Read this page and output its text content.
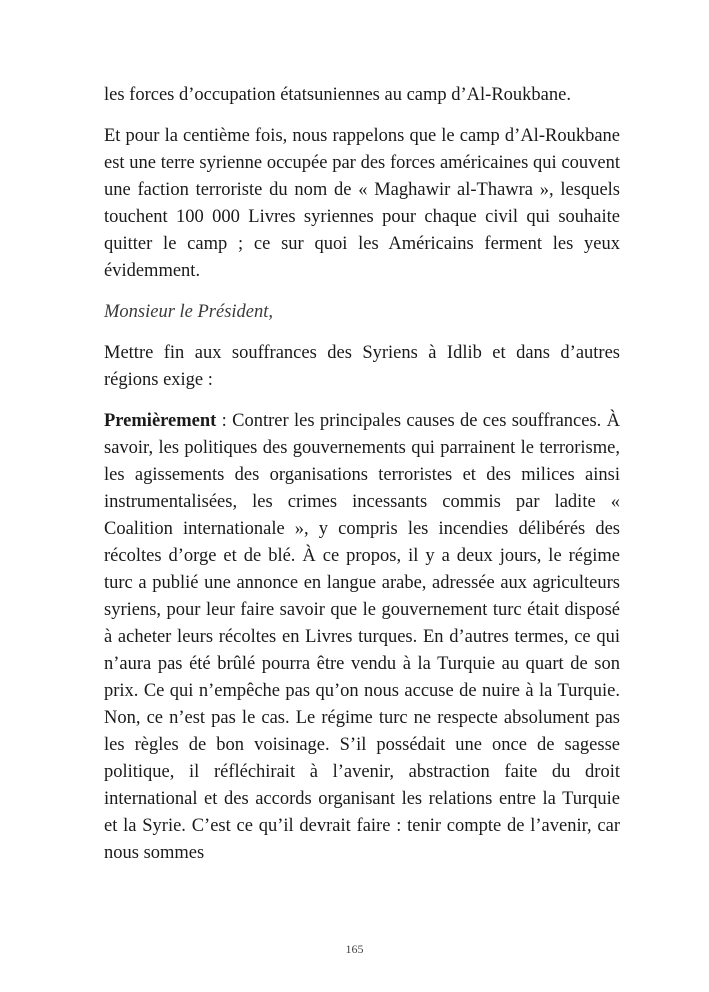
les forces d’occupation étatsuniennes au camp d’Al-Roukbane.

Et pour la centième fois, nous rappelons que le camp d’Al-Roukbane est une terre syrienne occupée par des forces américaines qui couvent une faction terroriste du nom de « Maghawir al-Thawra », lesquels touchent 100 000 Livres syriennes pour chaque civil qui souhaite quitter le camp ; ce sur quoi les Américains ferment les yeux évidemment.

Monsieur le Président,

Mettre fin aux souffrances des Syriens à Idlib et dans d’autres régions exige :

Premièrement : Contrer les principales causes de ces souffrances. À savoir, les politiques des gouvernements qui parrainent le terrorisme, les agissements des organisations terroristes et des milices ainsi instrumentalisées, les crimes incessants commis par ladite « Coalition internationale », y compris les incendies délibérés des récoltes d’orge et de blé. À ce propos, il y a deux jours, le régime turc a publié une annonce en langue arabe, adressée aux agriculteurs syriens, pour leur faire savoir que le gouvernement turc était disposé à acheter leurs récoltes en Livres turques. En d’autres termes, ce qui n’aura pas été brûlé pourra être vendu à la Turquie au quart de son prix. Ce qui n’empêche pas qu’on nous accuse de nuire à la Turquie. Non, ce n’est pas le cas. Le régime turc ne respecte absolument pas les règles de bon voisinage. S’il possédait une once de sagesse politique, il réfléchirait à l’avenir, abstraction faite du droit international et des accords organisant les relations entre la Turquie et la Syrie. C’est ce qu’il devrait faire : tenir compte de l’avenir, car nous sommes

165
